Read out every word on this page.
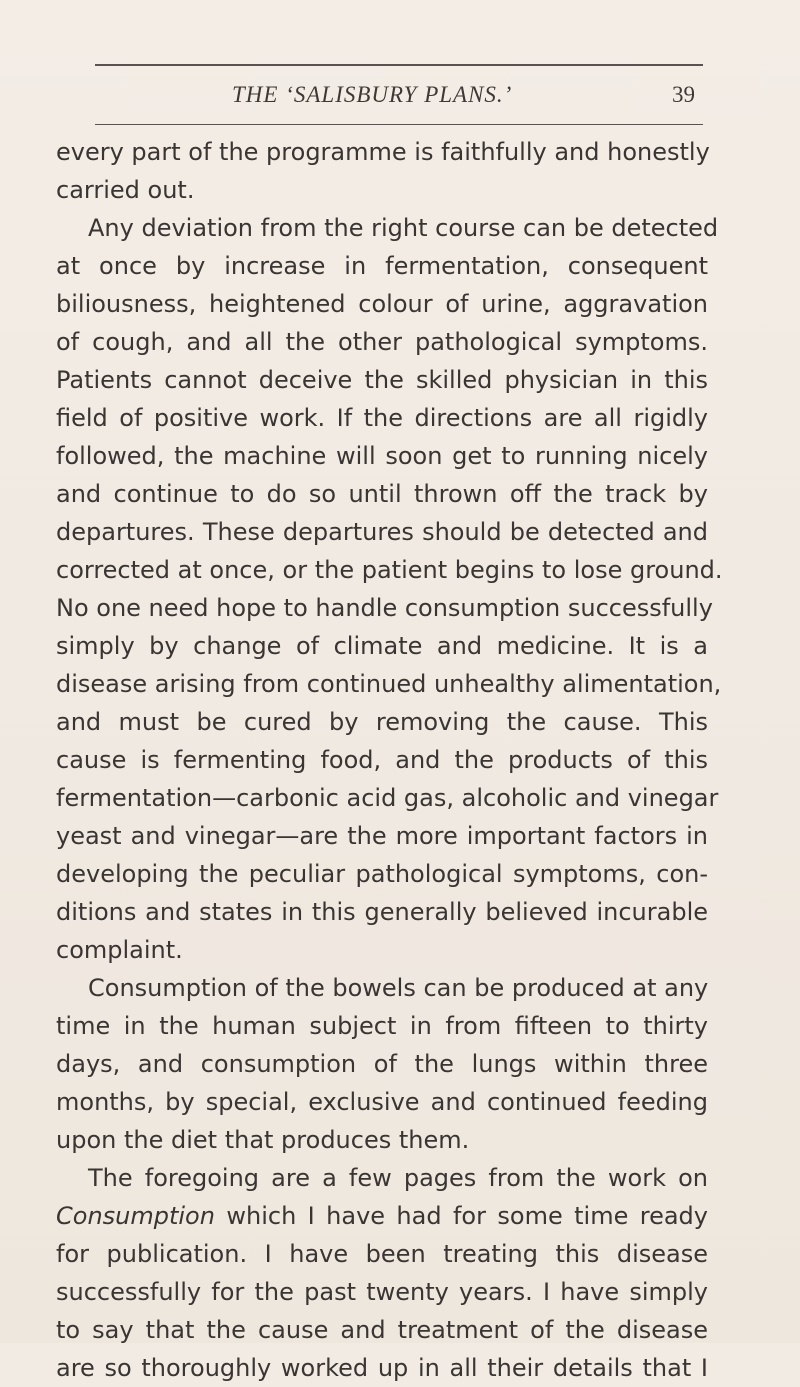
THE ‘SALISBURY PLANS.’	39
every part of the programme is faithfully and honestly
carried out.
Any deviation from the right course can be detected
at once by increase in fermentation, consequent
biliousness, heightened colour of urine, aggravation
of cough, and all the other pathological symptoms.
Patients cannot deceive the skilled physician in this
field of positive work. If the directions are all rigidly
followed, the machine will soon get to running nicely
and continue to do so until thrown off the track by
departures. These departures should be detected and
corrected at once, or the patient begins to lose ground.
No one need hope to handle consumption successfully
simply by change of climate and medicine. It is a
disease arising from continued unhealthy alimentation,
and must be cured by removing the cause. This
cause is fermenting food, and the products of this
fermentation—carbonic acid gas, alcoholic and vinegar
yeast and vinegar—are the more important factors in
developing the peculiar pathological symptoms, con-
ditions and states in this generally believed incurable
complaint.
Consumption of the bowels can be produced at any
time in the human subject in from fifteen to thirty
days, and consumption of the lungs within three
months, by special, exclusive and continued feeding
upon the diet that produces them.
The foregoing are a few pages from the work on
Consumption which I have had for some time ready
for publication. I have been treating this disease
successfully for the past twenty years. I have simply
to say that the cause and treatment of the disease
are so thoroughly worked up in all their details that I
